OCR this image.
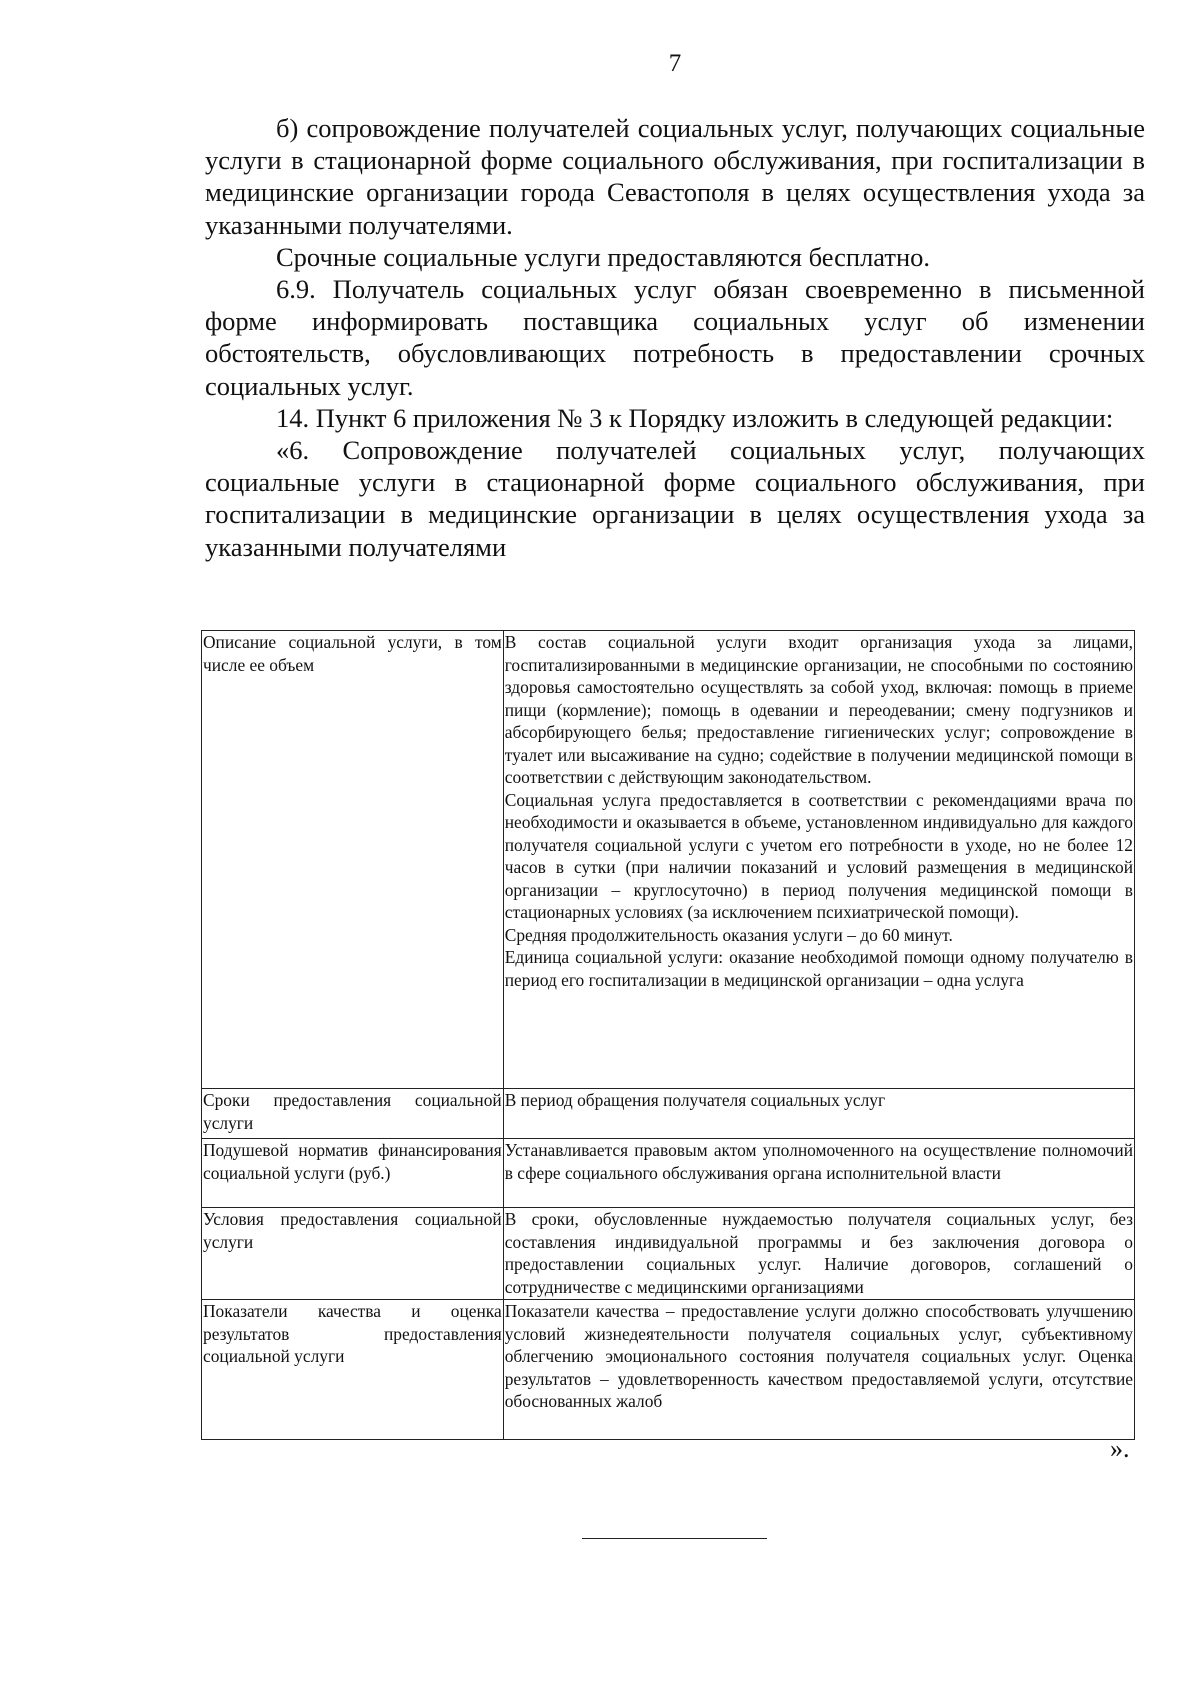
7

б) сопровождение получателей социальных услуг, получающих социальные услуги в стационарной форме социального обслуживания, при госпитализации в медицинские организации города Севастополя в целях осуществления ухода за указанными получателями.

Срочные социальные услуги предоставляются бесплатно.

6.9. Получатель социальных услуг обязан своевременно в письменной форме информировать поставщика социальных услуг об изменении обстоятельств, обусловливающих потребность в предоставлении срочных социальных услуг.

14. Пункт 6 приложения № 3 к Порядку изложить в следующей редакции:

«6. Сопровождение получателей социальных услуг, получающих социальные услуги в стационарной форме социального обслуживания, при госпитализации в медицинские организации в целях осуществления ухода за указанными получателями

Описание социальной услуги, в том числе ее объем	В состав социальной услуги входит организация ухода за лицами, госпитализированными в медицинские организации, не способными по состоянию здоровья самостоятельно осуществлять за собой уход, включая: помощь в приеме пищи (кормление); помощь в одевании и переодевании; смену подгузников и абсорбирующего белья; предоставление гигиенических услуг; сопровождение в туалет или высаживание на судно; содействие в получении медицинской помощи в соответствии с действующим законодательством.

Социальная услуга предоставляется в соответствии с рекомендациями врача по необходимости и оказывается в объеме, установленном индивидуально для каждого получателя социальной услуги с учетом его потребности в уходе, но не более 12 часов в сутки (при наличии показаний и условий размещения в медицинской организации – круглосуточно) в период получения медицинской помощи в стационарных условиях (за исключением психиатрической помощи).

Средняя продолжительность оказания услуги – до 60 минут.

Единица социальной услуги: оказание необходимой помощи одному получателю в период его госпитализации в медицинской организации – одна услуга

Сроки предоставления социальной услуги	В период обращения получателя социальных услуг

Подушевой норматив финансирования социальной услуги (руб.)	Устанавливается правовым актом уполномоченного на осуществление полномочий в сфере социального обслуживания органа исполнительной власти

Условия предоставления социальной услуги	В сроки, обусловленные нуждаемостью получателя социальных услуг, без составления индивидуальной программы и без заключения договора о предоставлении социальных услуг. Наличие договоров, соглашений о сотрудничестве с медицинскими организациями

Показатели качества и оценка результатов предоставления социальной услуги	Показатели качества – предоставление услуги должно способствовать улучшению условий жизнедеятельности получателя социальных услуг, субъективному облегчению эмоционального состояния получателя социальных услуг. Оценка результатов – удовлетворенность качеством предоставляемой услуги, отсутствие обоснованных жалоб

».
